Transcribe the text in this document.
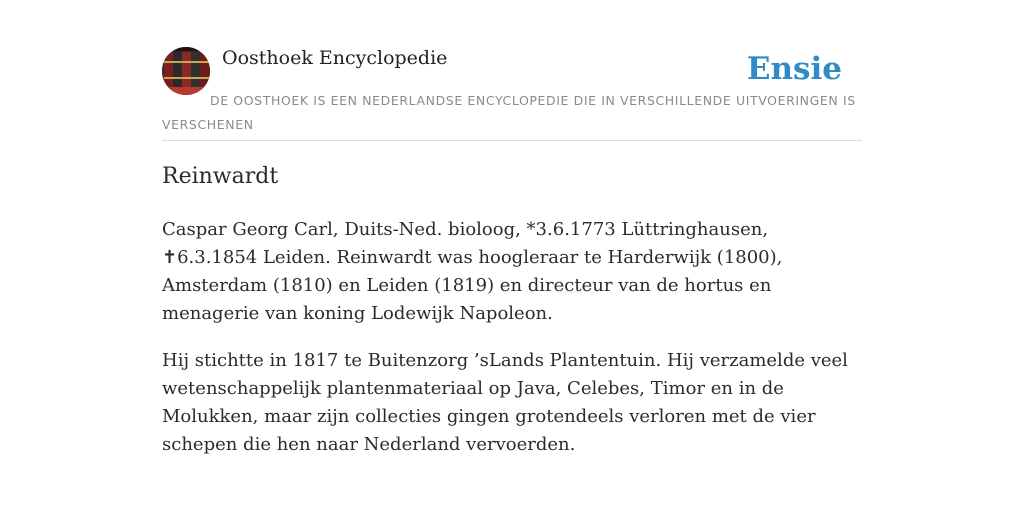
Oosthoek Encyclopedie	Ensie
DE OOSTHOEK IS EEN NEDERLANDSE ENCYCLOPEDIE DIE IN VERSCHILLENDE UITVOERINGEN IS VERSCHENEN
Reinwardt

Caspar Georg Carl, Duits-Ned. bioloog, *3.6.1773 Lüttringhausen, ✝6.3.1854 Leiden. Reinwardt was hoogleraar te Harderwijk (1800), Amsterdam (1810) en Leiden (1819) en directeur van de hortus en menagerie van koning Lodewijk Napoleon.

Hij stichtte in 1817 te Buitenzorg ’sLands Plantentuin. Hij verzamelde veel wetenschappelijk plantenmateriaal op Java, Celebes, Timor en in de Molukken, maar zijn collecties gingen grotendeels verloren met de vier schepen die hen naar Nederland vervoerden.
